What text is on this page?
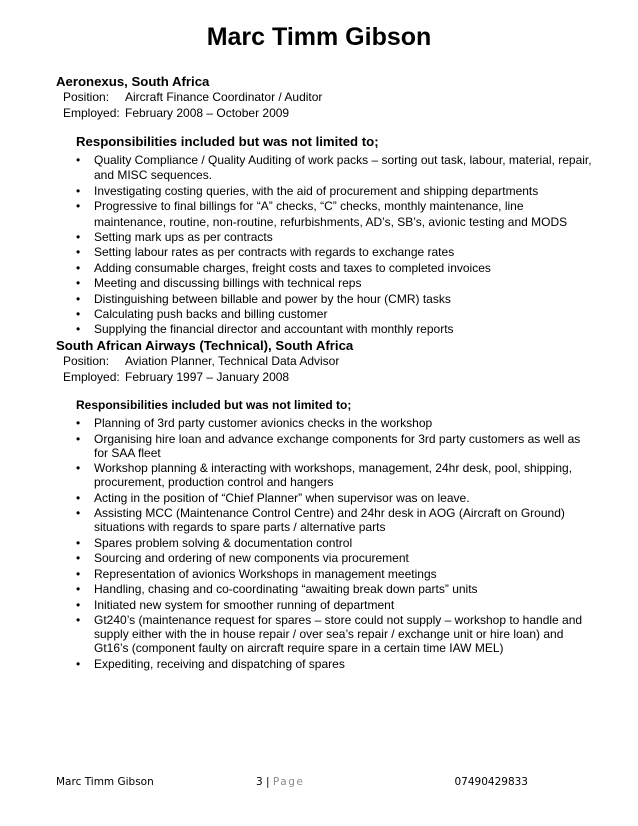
Marc Timm Gibson
Aeronexus, South Africa
Position:	Aircraft Finance Coordinator / Auditor
Employed: February 2008 – October 2009
Responsibilities included but was not limited to;
• Quality Compliance / Quality Auditing of work packs – sorting out task, labour, material, repair, and MISC sequences.
• Investigating costing queries, with the aid of procurement and shipping departments
• Progressive to final billings for “A” checks, “C” checks, monthly maintenance, line maintenance, routine, non-routine, refurbishments, AD’s, SB’s, avionic testing and MODS
• Setting mark ups as per contracts
• Setting labour rates as per contracts with regards to exchange rates
• Adding consumable charges, freight costs and taxes to completed invoices
• Meeting and discussing billings with technical reps
• Distinguishing between billable and power by the hour (CMR) tasks
• Calculating push backs and billing customer
• Supplying the financial director and accountant with monthly reports
South African Airways (Technical), South Africa
Position:	Aviation Planner, Technical Data Advisor
Employed: February 1997 – January 2008
Responsibilities included but was not limited to;
• Planning of 3rd party customer avionics checks in the workshop
• Organising hire loan and advance exchange components for 3rd party customers as well as for SAA fleet
• Workshop planning & interacting with workshops, management, 24hr desk, pool, shipping, procurement, production control and hangers
• Acting in the position of “Chief Planner” when supervisor was on leave.
• Assisting MCC (Maintenance Control Centre) and 24hr desk in AOG (Aircraft on Ground) situations with regards to spare parts / alternative parts
• Spares problem solving & documentation control
• Sourcing and ordering of new components via procurement
• Representation of avionics Workshops in management meetings
• Handling, chasing and co-coordinating “awaiting break down parts” units
• Initiated new system for smoother running of department
• Gt240’s (maintenance request for spares – store could not supply – workshop to handle and supply either with the in house repair / over sea’s repair / exchange unit or hire loan) and Gt16’s (component faulty on aircraft require spare in a certain time IAW MEL)
• Expediting, receiving and dispatching of spares
Marc Timm Gibson	3 | Page	07490429833
